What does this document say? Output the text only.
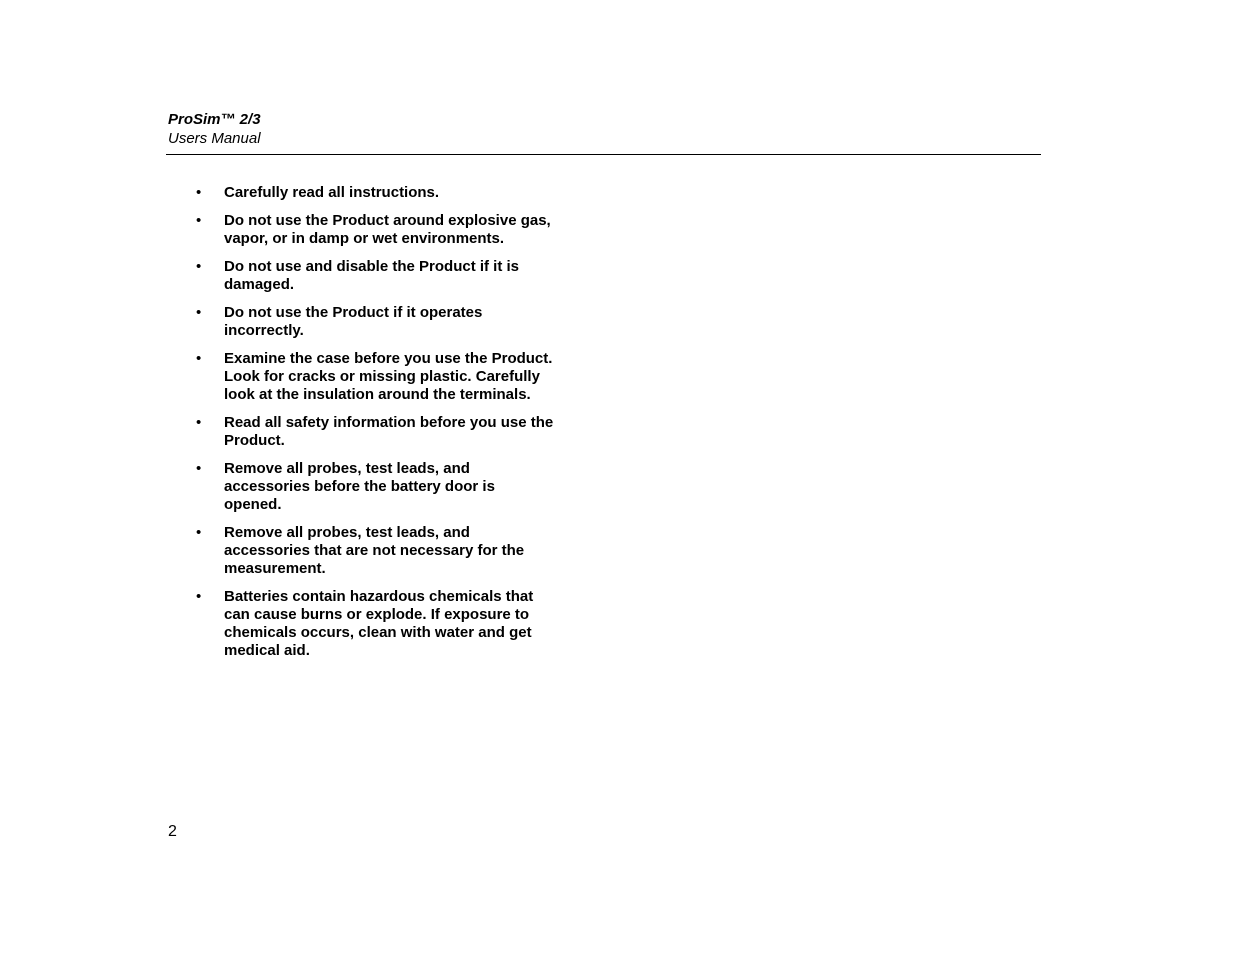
ProSim™ 2/3

Users Manual

• Carefully read all instructions.
• Do not use the Product around explosive gas, vapor, or in damp or wet environments.
• Do not use and disable the Product if it is damaged.
• Do not use the Product if it operates incorrectly.
• Examine the case before you use the Product. Look for cracks or missing plastic. Carefully look at the insulation around the terminals.
• Read all safety information before you use the Product.
• Remove all probes, test leads, and accessories before the battery door is opened.
• Remove all probes, test leads, and accessories that are not necessary for the measurement.
• Batteries contain hazardous chemicals that can cause burns or explode. If exposure to chemicals occurs, clean with water and get medical aid.
2
